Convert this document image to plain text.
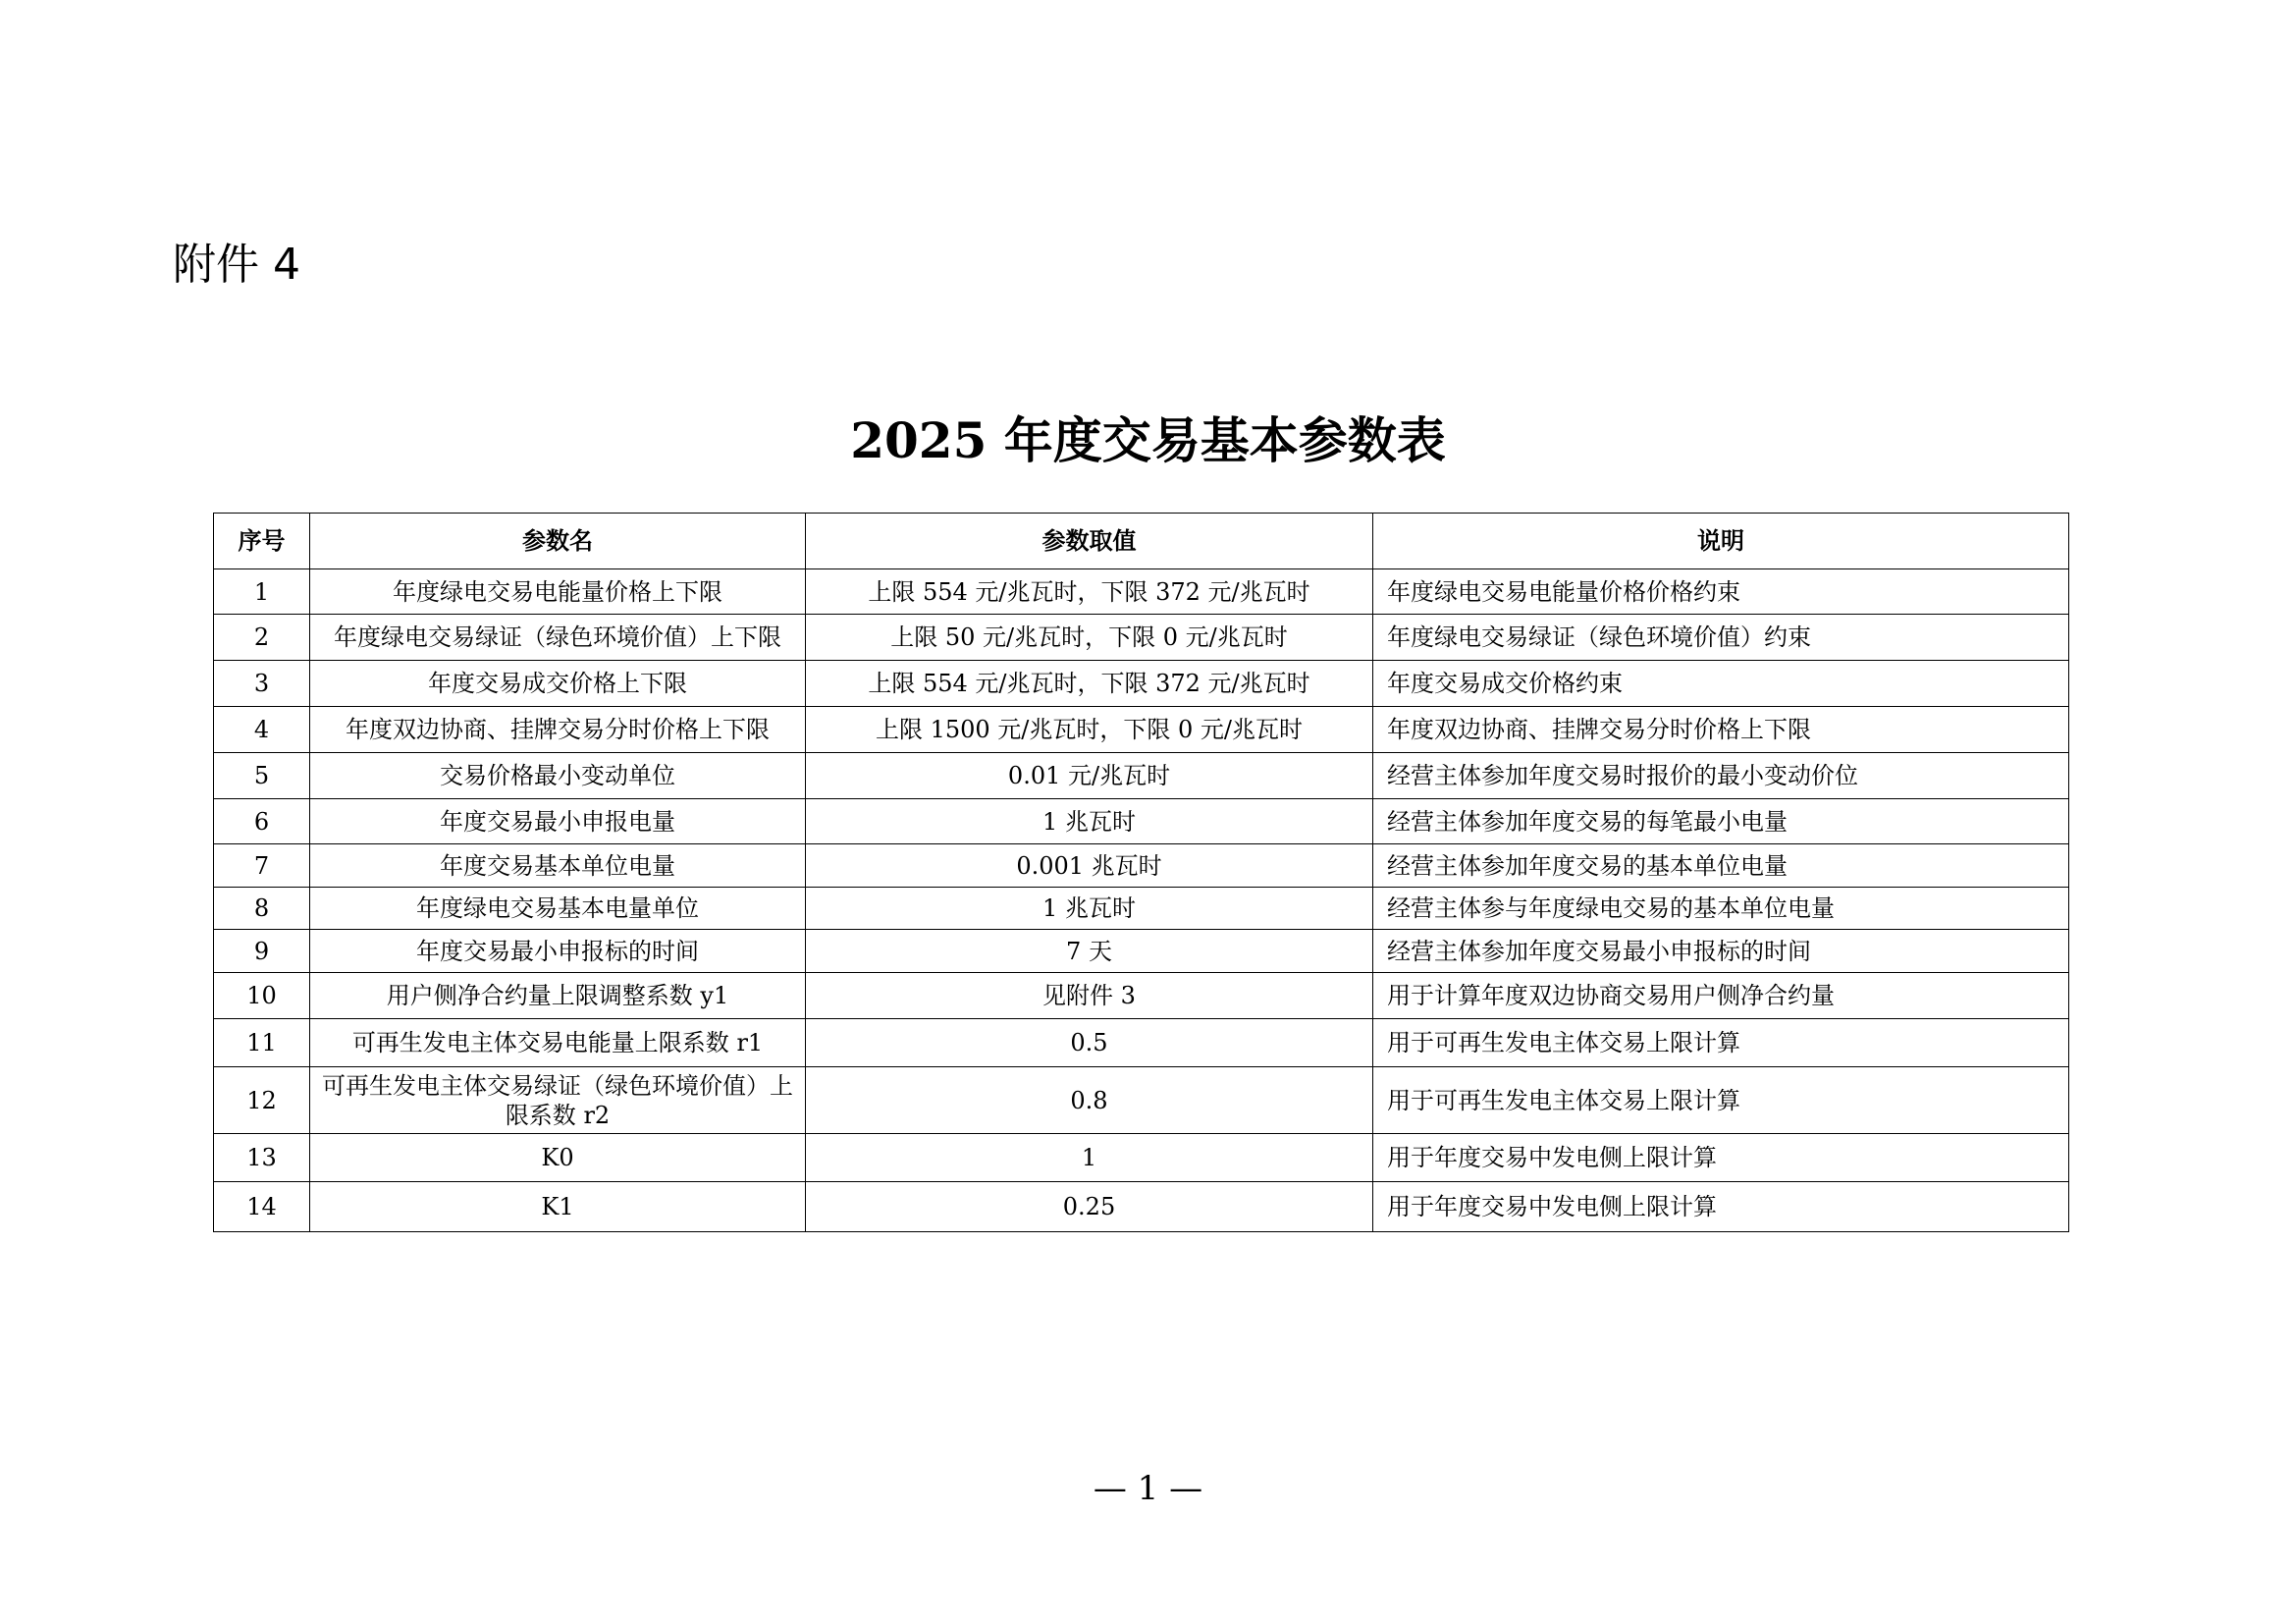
附件 4
2025 年度交易基本参数表
序号	参数名	参数取值	说明
1	年度绿电交易电能量价格上下限	上限 554 元/兆瓦时，下限 372 元/兆瓦时	年度绿电交易电能量价格价格约束
2	年度绿电交易绿证（绿色环境价值）上下限	上限 50 元/兆瓦时，下限 0 元/兆瓦时	年度绿电交易绿证（绿色环境价值）约束
3	年度交易成交价格上下限	上限 554 元/兆瓦时，下限 372 元/兆瓦时	年度交易成交价格约束
4	年度双边协商、挂牌交易分时价格上下限	上限 1500 元/兆瓦时，下限 0 元/兆瓦时	年度双边协商、挂牌交易分时价格上下限
5	交易价格最小变动单位	0.01 元/兆瓦时	经营主体参加年度交易时报价的最小变动价位
6	年度交易最小申报电量	1 兆瓦时	经营主体参加年度交易的每笔最小电量
7	年度交易基本单位电量	0.001 兆瓦时	经营主体参加年度交易的基本单位电量
8	年度绿电交易基本电量单位	1 兆瓦时	经营主体参与年度绿电交易的基本单位电量
9	年度交易最小申报标的时间	7 天	经营主体参加年度交易最小申报标的时间
10	用户侧净合约量上限调整系数 y1	见附件 3	用于计算年度双边协商交易用户侧净合约量
11	可再生发电主体交易电能量上限系数 r1	0.5	用于可再生发电主体交易上限计算
12	可再生发电主体交易绿证（绿色环境价值）上限系数 r2	0.8	用于可再生发电主体交易上限计算
13	K0	1	用于年度交易中发电侧上限计算
14	K1	0.25	用于年度交易中发电侧上限计算
— 1 —
